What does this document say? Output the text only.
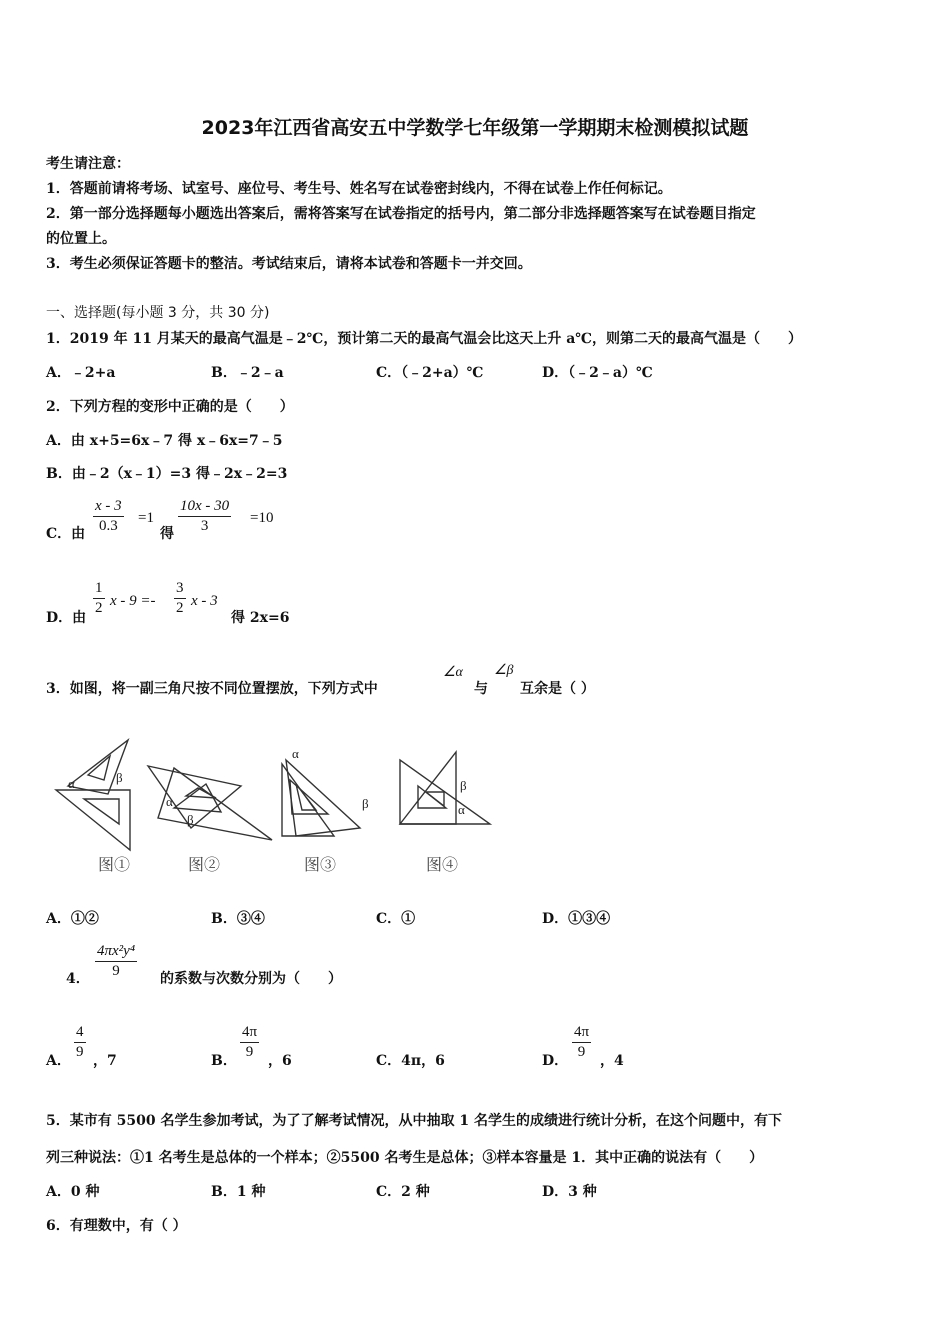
2023年江西省高安五中学数学七年级第一学期期末检测模拟试题
考生请注意：
1．答题前请将考场、试室号、座位号、考生号、姓名写在试卷密封线内，不得在试卷上作任何标记。
2．第一部分选择题每小题选出答案后，需将答案写在试卷指定的括号内，第二部分非选择题答案写在试卷题目指定
的位置上。
3．考生必须保证答题卡的整洁。考试结束后，请将本试卷和答题卡一并交回。
一、选择题(每小题 3 分，共 30 分)
1．2019 年 11 月某天的最高气温是﹣2℃，预计第二天的最高气温会比这天上升 a℃，则第二天的最高气温是（　　）
A．﹣2+a	B．﹣2﹣a	C．（﹣2+a）℃	D．（﹣2﹣a）℃
2．下列方程的变形中正确的是（　　）
A．由 x+5=6x﹣7 得 x﹣6x=7﹣5
B．由﹣2（x﹣1）=3 得﹣2x﹣2=3
C．由
x - 3
0.3	=1
得
10x - 30
3	=10
D．由
1
2 x - 9 =-
3
2 x - 3
得 2x=6
3．如图，将一副三角尺按不同位置摆放，下列方式中
∠α
与
∠β
互余是（ ）
β
α
α
β
α
β
β
α
图①	图②	图③	图④
A．①②	B．③④	C．①	D．①③④
4．
4πx²y⁴
9	的系数与次数分别为（　　）
A．
4
9
，7	B．
4π
9
，6	C．4π，6	D．
4π
9
，4
5．某市有 5500 名学生参加考试，为了了解考试情况，从中抽取 1 名学生的成绩进行统计分析，在这个问题中，有下
列三种说法：①1 名考生是总体的一个样本；②5500 名考生是总体；③样本容量是 1．其中正确的说法有（　　）
A．0 种	B．1 种	C．2 种	D．3 种
6．有理数中，有（ ）
